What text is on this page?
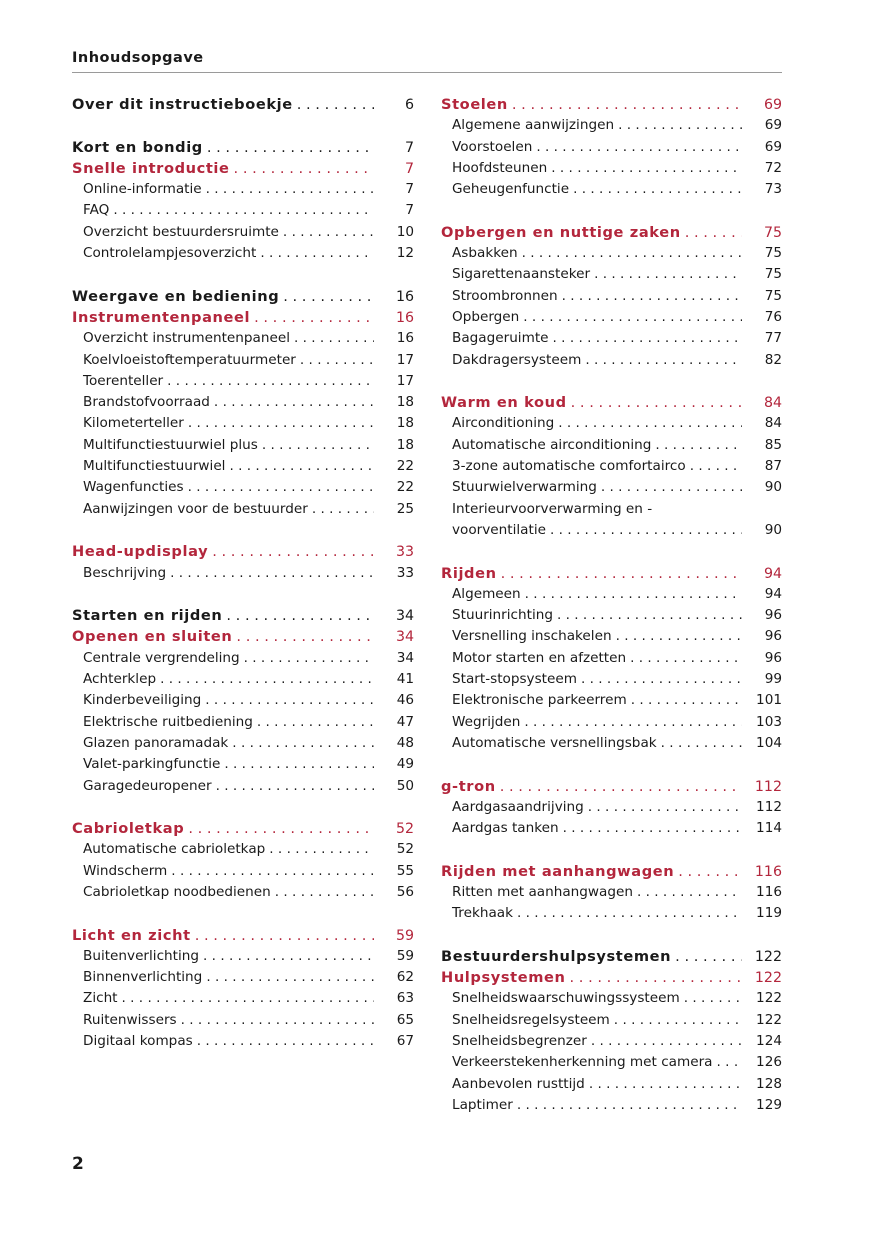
Inhoudsopgave
Over dit instructieboekje . . .	6
Kort en bondig . . .	7
Snelle introductie . . .	7
Online-informatie . . .	7
FAQ . . .	7
Overzicht bestuurdersruimte . . .	10
Controlelampjesoverzicht . . .	12
Weergave en bediening . . .	16
Instrumentenpaneel . . .	16
Overzicht instrumentenpaneel . . .	16
Koelvloeistoftemperatuurmeter . . .	17
Toerenteller . . .	17
Brandstofvoorraad . . .	18
Kilometerteller . . .	18
Multifunctiestuurwiel plus . . .	18
Multifunctiestuurwiel . . .	22
Wagenfuncties . . .	22
Aanwijzingen voor de bestuurder . . .	25
Head-updisplay . . .	33
Beschrijving . . .	33
Starten en rijden . . .	34
Openen en sluiten . . .	34
Centrale vergrendeling . . .	34
Achterklep . . .	41
Kinderbeveiliging . . .	46
Elektrische ruitbediening . . .	47
Glazen panoramadak . . .	48
Valet-parkingfunctie . . .	49
Garagedeuropener . . .	50
Cabrioletkap . . .	52
Automatische cabrioletkap . . .	52
Windscherm . . .	55
Cabrioletkap noodbedienen . . .	56
Licht en zicht . . .	59
Buitenverlichting . . .	59
Binnenverlichting . . .	62
Zicht . . .	63
Ruitenwissers . . .	65
Digitaal kompas . . .	67
Stoelen . . .	69
Algemene aanwijzingen . . .	69
Voorstoelen . . .	69
Hoofdsteunen . . .	72
Geheugenfunctie . . .	73
Opbergen en nuttige zaken . . .	75
Asbakken . . .	75
Sigarettenaansteker . . .	75
Stroombronnen . . .	75
Opbergen . . .	76
Bagageruimte . . .	77
Dakdragersysteem . . .	82
Warm en koud . . .	84
Airconditioning . . .	84
Automatische airconditioning . . .	85
3-zone automatische comfortairco . . .	87
Stuurwielverwarming . . .	90
Interieurvoorverwarming en -
voorventilatie . . .	90
Rijden . . .	94
Algemeen . . .	94
Stuurinrichting . . .	96
Versnelling inschakelen . . .	96
Motor starten en afzetten . . .	96
Start-stopsysteem . . .	99
Elektronische parkeerrem . . .	101
Wegrijden . . .	103
Automatische versnellingsbak . . .	104
g-tron . . .	112
Aardgasaandrijving . . .	112
Aardgas tanken . . .	114
Rijden met aanhangwagen . . .	116
Ritten met aanhangwagen . . .	116
Trekhaak . . .	119
Bestuurdershulpsystemen . . .	122
Hulpsystemen . . .	122
Snelheidswaarschuwingssysteem . . .	122
Snelheidsregelsysteem . . .	122
Snelheidsbegrenzer . . .	124
Verkeerstekenherkenning met camera . . .	126
Aanbevolen rusttijd . . .	128
Laptimer . . .	129
2
